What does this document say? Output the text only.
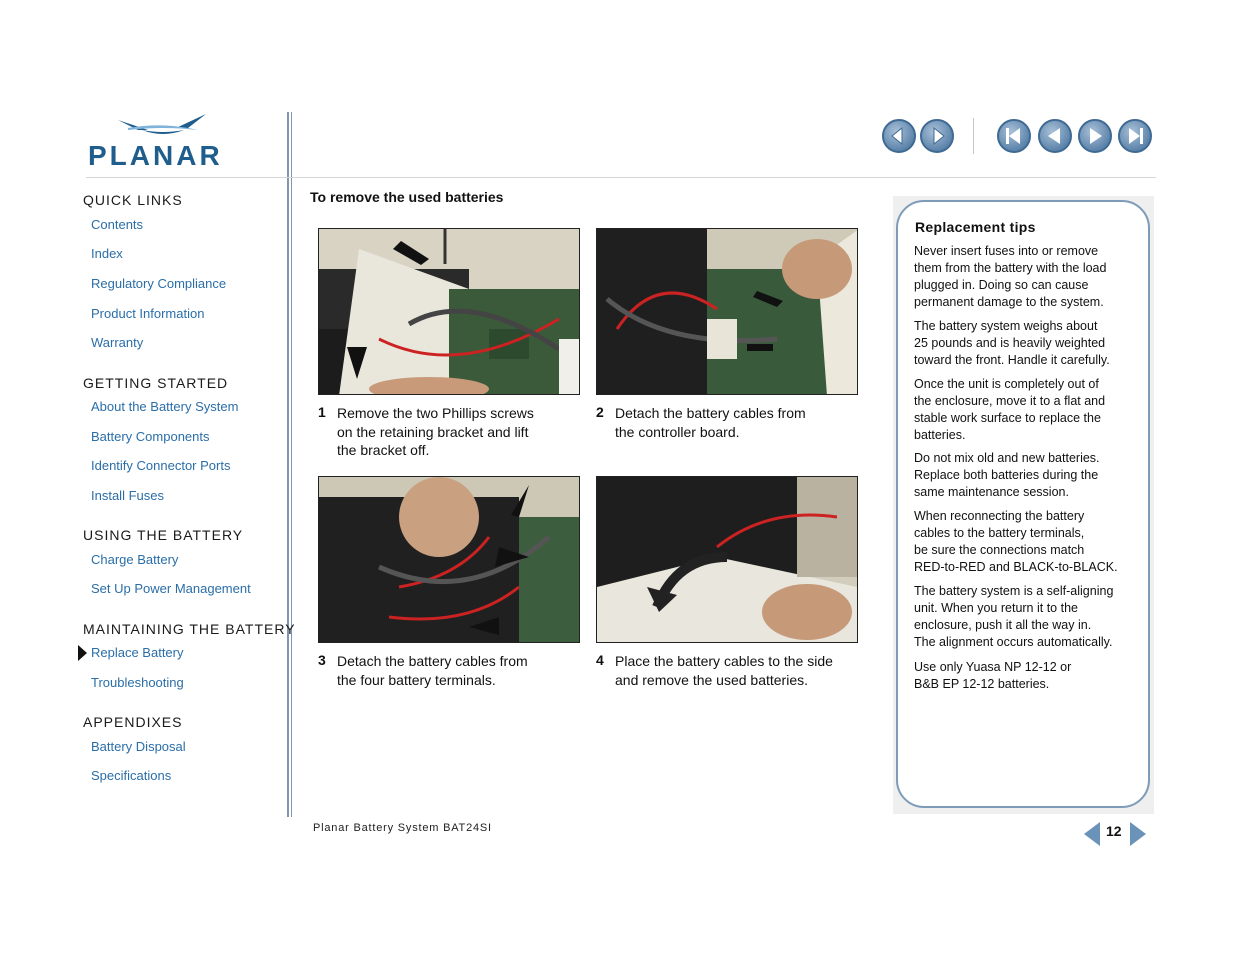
PLANAR
QUICK LINKS
Contents
Index
Regulatory Compliance
Product Information
Warranty
GETTING STARTED
About the Battery System
Battery Components
Identify Connector Ports
Install Fuses
USING THE BATTERY
Charge Battery
Set Up Power Management
MAINTAINING THE BATTERY
Replace Battery
Troubleshooting
APPENDIXES
Battery Disposal
Specifications
To remove the used batteries
1 Remove the two Phillips screws
on the retaining bracket and lift
the bracket off.
2 Detach the battery cables from
the controller board.
3 Detach the battery cables from
the four battery terminals.
4 Place the battery cables to the side
and remove the used batteries.
Replacement tips
Never insert fuses into or remove
them from the battery with the load
plugged in. Doing so can cause
permanent damage to the system.
The battery system weighs about
25 pounds and is heavily weighted
toward the front. Handle it carefully.
Once the unit is completely out of
the enclosure, move it to a flat and
stable work surface to replace the
batteries.
Do not mix old and new batteries.
Replace both batteries during the
same maintenance session.
When reconnecting the battery
cables to the battery terminals,
be sure the connections match
RED-to-RED and BLACK-to-BLACK.
The battery system is a self-aligning
unit. When you return it to the
enclosure, push it all the way in.
The alignment occurs automatically.
Use only Yuasa NP 12-12 or
B&B EP 12-12 batteries.
Planar Battery System BAT24SI	12
